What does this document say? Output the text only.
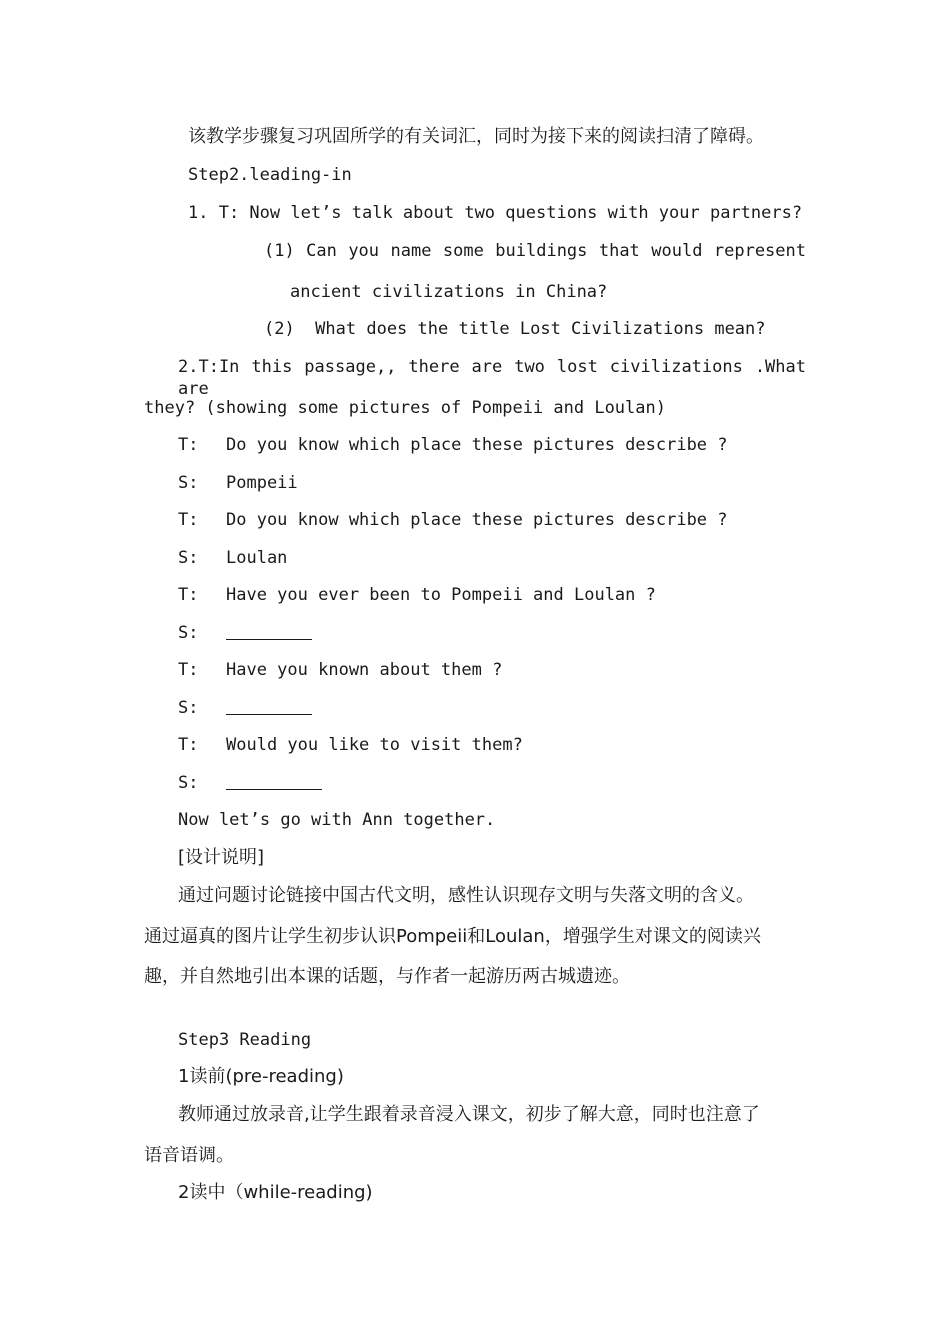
该教学步骤复习巩固所学的有关词汇，同时为接下来的阅读扫清了障碍。
Step2.leading-in
1. T: Now let’s talk about two questions with your partners?
(1) Can you name some buildings that would represent
ancient civilizations in China?
(2)  What does the title Lost Civilizations mean?
2.T:In this passage,, there are two lost civilizations .What are
they? (showing some pictures of Pompeii and Loulan)
T: Do you know which place these pictures describe ?
S: Pompeii
T: Do you know which place these pictures describe ?
S: Loulan
T: Have you ever been to Pompeii and Loulan ?
S:
T: Have you known about them ?
S:
T: Would you like to visit them?
S:
Now let’s go with Ann together.
[设计说明]
通过问题讨论链接中国古代文明，感性认识现存文明与失落文明的含义。
通过逼真的图片让学生初步认识Pompeii和Loulan，增强学生对课文的阅读兴
趣，并自然地引出本课的话题，与作者一起游历两古城遗迹。
Step3 Reading
1读前(pre-reading)
教师通过放录音,让学生跟着录音浸入课文，初步了解大意，同时也注意了
语音语调。
2读中（while-reading)
